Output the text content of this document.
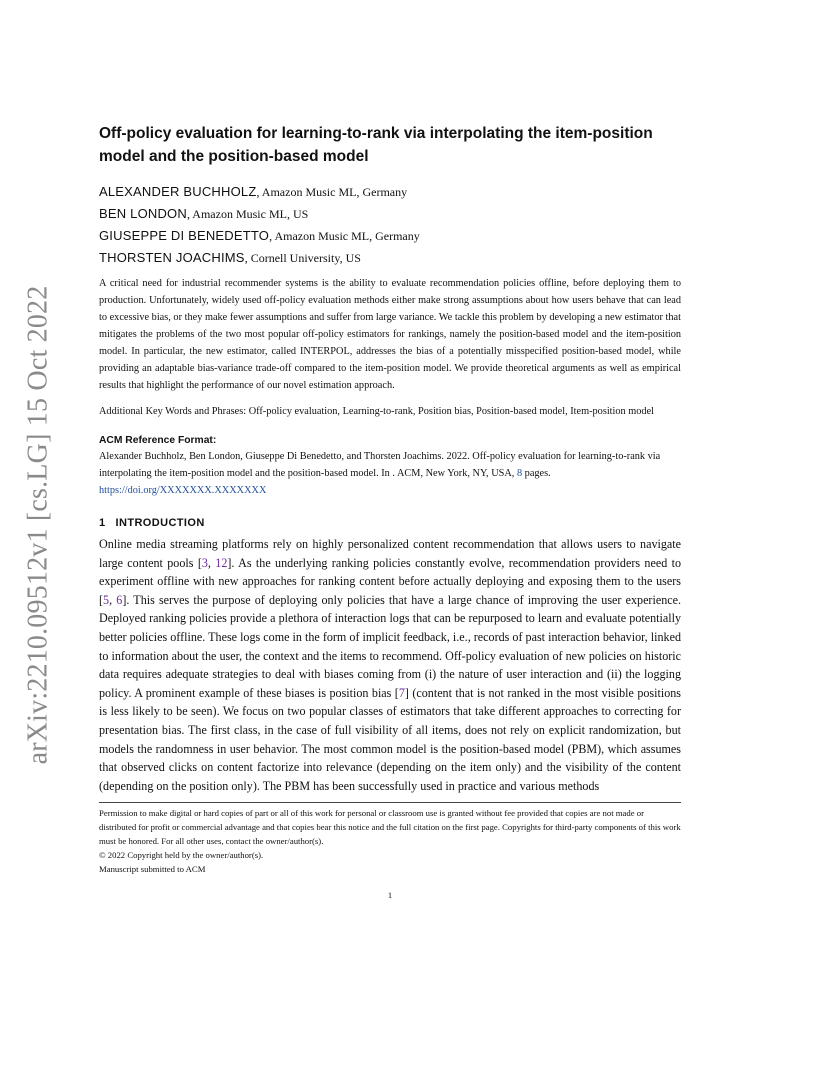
arXiv:2210.09512v1 [cs.LG] 15 Oct 2022
Off-policy evaluation for learning-to-rank via interpolating the item-position model and the position-based model
ALEXANDER BUCHHOLZ, Amazon Music ML, Germany
BEN LONDON, Amazon Music ML, US
GIUSEPPE DI BENEDETTO, Amazon Music ML, Germany
THORSTEN JOACHIMS, Cornell University, US
A critical need for industrial recommender systems is the ability to evaluate recommendation policies offline, before deploying them to production. Unfortunately, widely used off-policy evaluation methods either make strong assumptions about how users behave that can lead to excessive bias, or they make fewer assumptions and suffer from large variance. We tackle this problem by developing a new estimator that mitigates the problems of the two most popular off-policy estimators for rankings, namely the position-based model and the item-position model. In particular, the new estimator, called INTERPOL, addresses the bias of a potentially misspecified position-based model, while providing an adaptable bias-variance trade-off compared to the item-position model. We provide theoretical arguments as well as empirical results that highlight the performance of our novel estimation approach.
Additional Key Words and Phrases: Off-policy evaluation, Learning-to-rank, Position bias, Position-based model, Item-position model
ACM Reference Format:
Alexander Buchholz, Ben London, Giuseppe Di Benedetto, and Thorsten Joachims. 2022. Off-policy evaluation for learning-to-rank via interpolating the item-position model and the position-based model. In . ACM, New York, NY, USA, 8 pages. https://doi.org/XXXXXXX.XXXXXXX
1 INTRODUCTION
Online media streaming platforms rely on highly personalized content recommendation that allows users to navigate large content pools [3, 12]. As the underlying ranking policies constantly evolve, recommendation providers need to experiment offline with new approaches for ranking content before actually deploying and exposing them to the users [5, 6]. This serves the purpose of deploying only policies that have a large chance of improving the user experience. Deployed ranking policies provide a plethora of interaction logs that can be repurposed to learn and evaluate potentially better policies offline. These logs come in the form of implicit feedback, i.e., records of past interaction behavior, linked to information about the user, the context and the items to recommend. Off-policy evaluation of new policies on historic data requires adequate strategies to deal with biases coming from (i) the nature of user interaction and (ii) the logging policy. A prominent example of these biases is position bias [7] (content that is not ranked in the most visible positions is less likely to be seen). We focus on two popular classes of estimators that take different approaches to correcting for presentation bias. The first class, in the case of full visibility of all items, does not rely on explicit randomization, but models the randomness in user behavior. The most common model is the position-based model (PBM), which assumes that observed clicks on content factorize into relevance (depending on the item only) and the visibility of the content (depending on the position only). The PBM has been successfully used in practice and various methods

Permission to make digital or hard copies of part or all of this work for personal or classroom use is granted without fee provided that copies are not made or distributed for profit or commercial advantage and that copies bear this notice and the full citation on the first page. Copyrights for third-party components of this work must be honored. For all other uses, contact the owner/author(s).

© 2022 Copyright held by the owner/author(s).

Manuscript submitted to ACM

1
